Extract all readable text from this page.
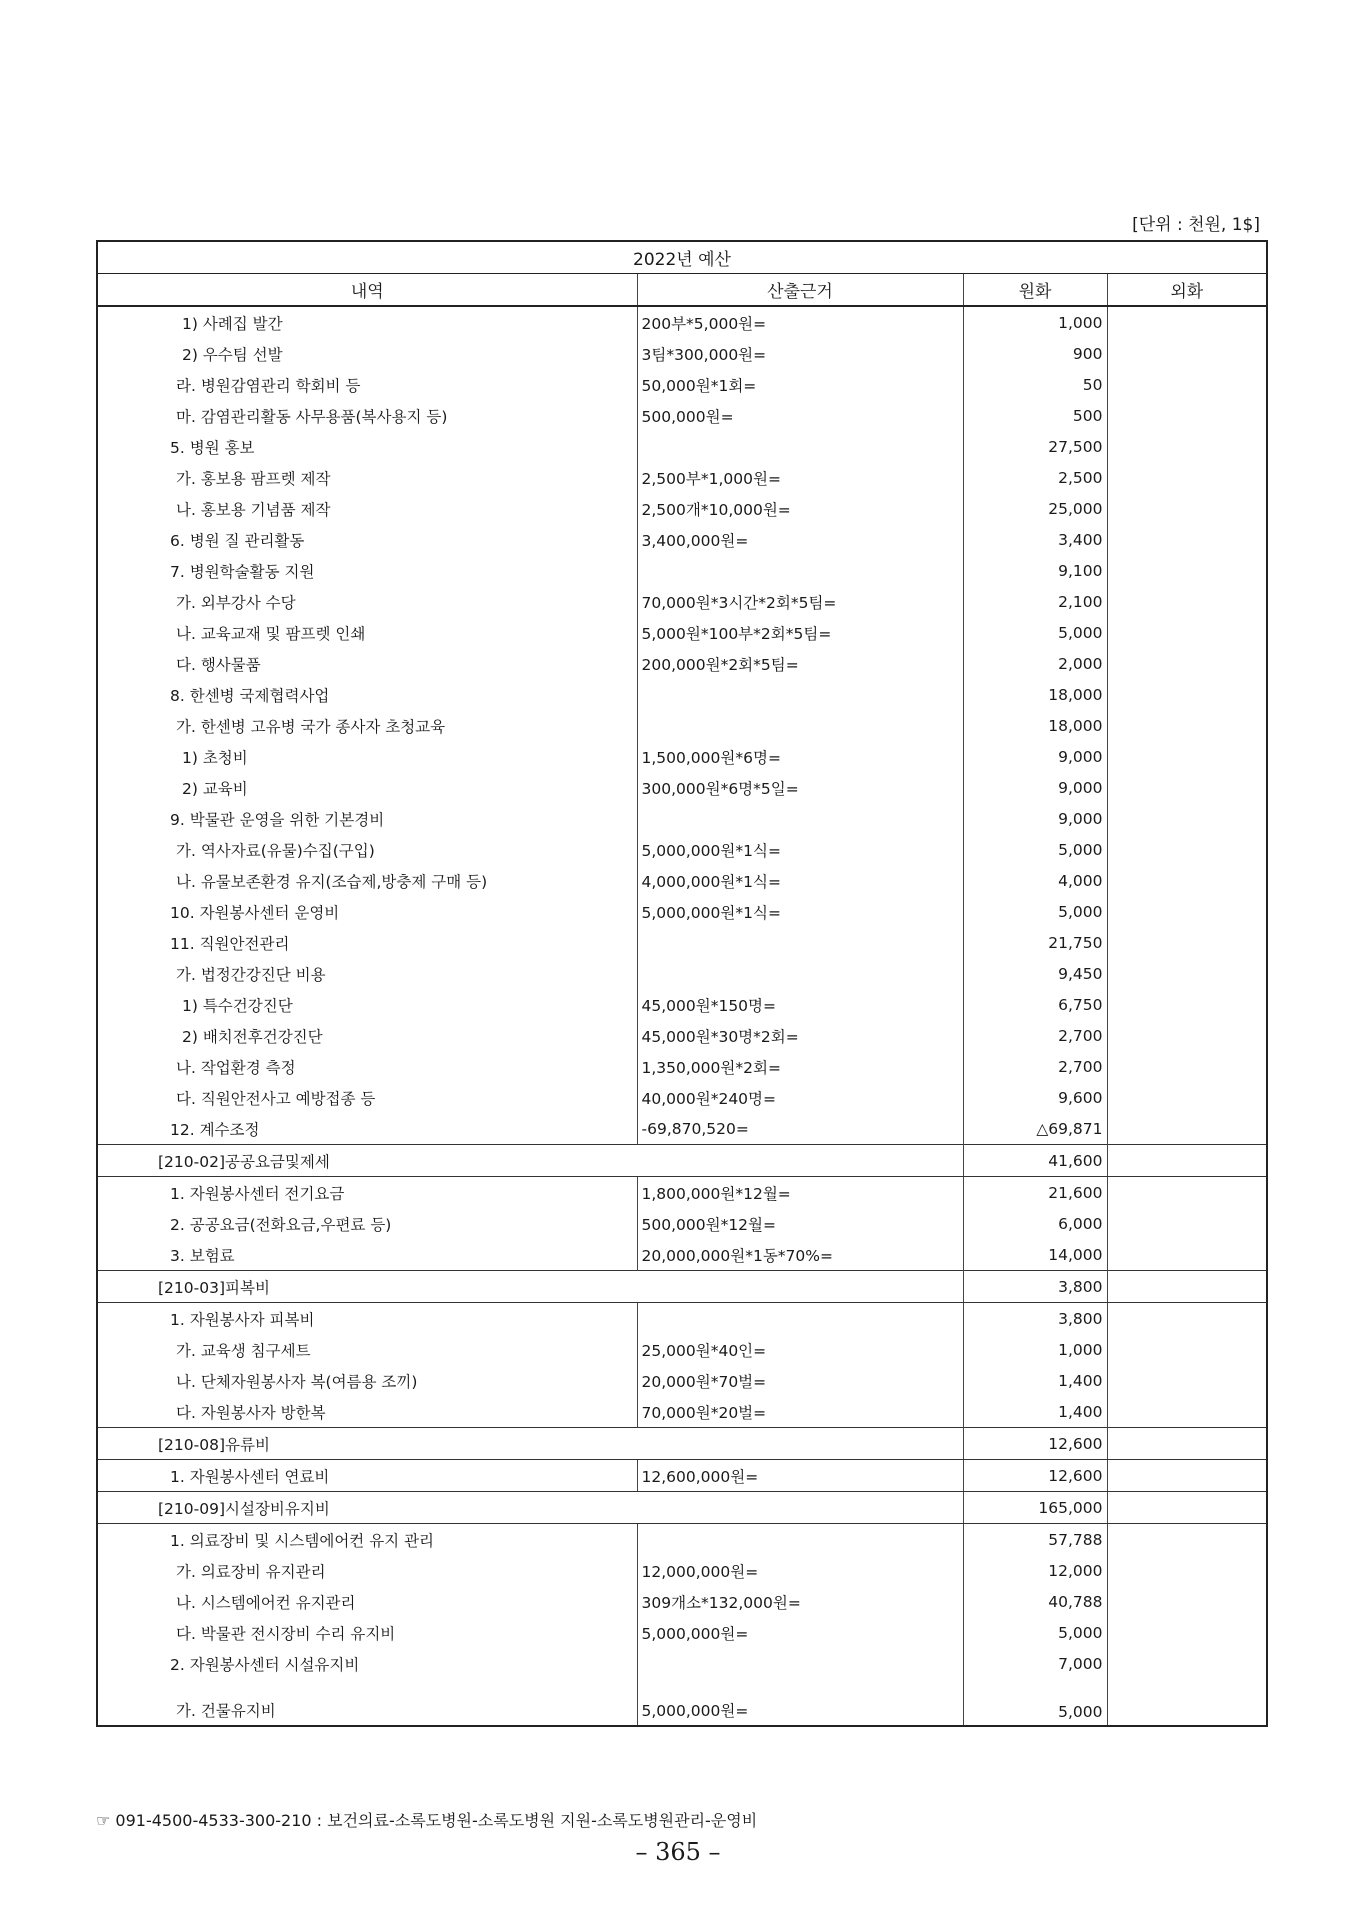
[단위 : 천원, 1$]
2022년 예산			
내역	산출근거	원화	외화
1) 사례집 발간	200부*5,000원=	1,000	
2) 우수팀 선발	3팀*300,000원=	900	
라. 병원감염관리 학회비 등	50,000원*1회=	50	
마. 감염관리활동 사무용품(복사용지 등)	500,000원=	500	
5. 병원 홍보		27,500	
가. 홍보용 팜프렛 제작	2,500부*1,000원=	2,500	
나. 홍보용 기념품 제작	2,500개*10,000원=	25,000	
6. 병원 질 관리활동	3,400,000원=	3,400	
7. 병원학술활동 지원		9,100	
가. 외부강사 수당	70,000원*3시간*2회*5팀=	2,100	
나. 교육교재 및 팜프렛 인쇄	5,000원*100부*2회*5팀=	5,000	
다. 행사물품	200,000원*2회*5팀=	2,000	
8. 한센병 국제협력사업		18,000	
가. 한센병 고유병 국가 종사자 초청교육		18,000	
1) 초청비	1,500,000원*6명=	9,000	
2) 교육비	300,000원*6명*5일=	9,000	
9. 박물관 운영을 위한 기본경비		9,000	
가. 역사자료(유물)수집(구입)	5,000,000원*1식=	5,000	
나. 유물보존환경 유지(조습제,방충제 구매 등)	4,000,000원*1식=	4,000	
10. 자원봉사센터 운영비	5,000,000원*1식=	5,000	
11. 직원안전관리		21,750	
가. 법정간강진단 비용		9,450	
1) 특수건강진단	45,000원*150명=	6,750	
2) 배치전후건강진단	45,000원*30명*2회=	2,700	
나. 작업환경 측정	1,350,000원*2회=	2,700	
다. 직원안전사고 예방접종 등	40,000원*240명=	9,600	
12. 계수조정	-69,870,520=	△69,871	
[210-02]공공요금및제세		41,600	
1. 자원봉사센터 전기요금	1,800,000원*12월=	21,600	
2. 공공요금(전화요금,우편료 등)	500,000원*12월=	6,000	
3. 보험료	20,000,000원*1동*70%=	14,000	
[210-03]피복비		3,800	
1. 자원봉사자 피복비		3,800	
가. 교육생 침구세트	25,000원*40인=	1,000	
나. 단체자원봉사자 복(여름용 조끼)	20,000원*70벌=	1,400	
다. 자원봉사자 방한복	70,000원*20벌=	1,400	
[210-08]유류비		12,600	
1. 자원봉사센터 연료비	12,600,000원=	12,600	
[210-09]시설장비유지비		165,000	
1. 의료장비 및 시스템에어컨 유지 관리		57,788	
가. 의료장비 유지관리	12,000,000원=	12,000	
나. 시스템에어컨 유지관리	309개소*132,000원=	40,788	
다. 박물관 전시장비 수리 유지비	5,000,000원=	5,000	
2. 자원봉사센터 시설유지비		7,000	
가. 건물유지비	5,000,000원=	5,000	
☞ 091-4500-4533-300-210 : 보건의료-소록도병원-소록도병원 지원-소록도병원관리-운영비
– 365 –
